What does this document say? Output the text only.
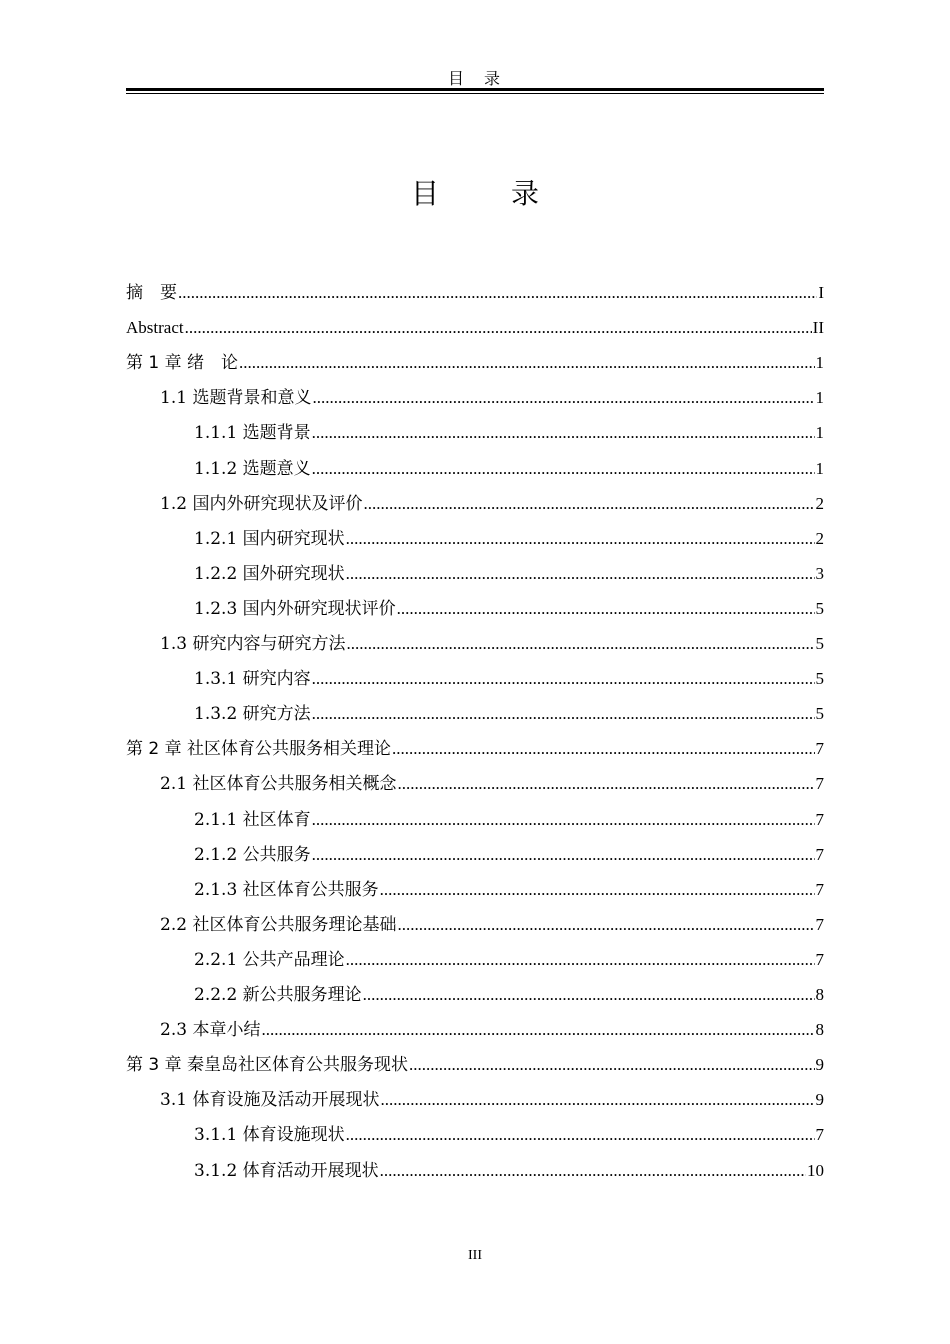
目　录
目　录
摘　要 .....	I
Abstract .....	II
第 1 章 绪　论 .....	1
1.1 选题背景和意义 .....	1
1.1.1 选题背景 .....	1
1.1.2 选题意义 .....	1
1.2 国内外研究现状及评价 .....	2
1.2.1 国内研究现状 .....	2
1.2.2 国外研究现状 .....	3
1.2.3 国内外研究现状评价 .....	5
1.3 研究内容与研究方法 .....	5
1.3.1 研究内容 .....	5
1.3.2 研究方法 .....	5
第 2 章 社区体育公共服务相关理论 .....	7
2.1 社区体育公共服务相关概念 .....	7
2.1.1 社区体育 .....	7
2.1.2 公共服务 .....	7
2.1.3 社区体育公共服务 .....	7
2.2 社区体育公共服务理论基础 .....	7
2.2.1 公共产品理论 .....	7
2.2.2 新公共服务理论 .....	8
2.3 本章小结 .....	8
第 3 章 秦皇岛社区体育公共服务现状 .....	9
3.1 体育设施及活动开展现状 .....	9
3.1.1 体育设施现状 .....	7
3.1.2 体育活动开展现状 .....	10
III
